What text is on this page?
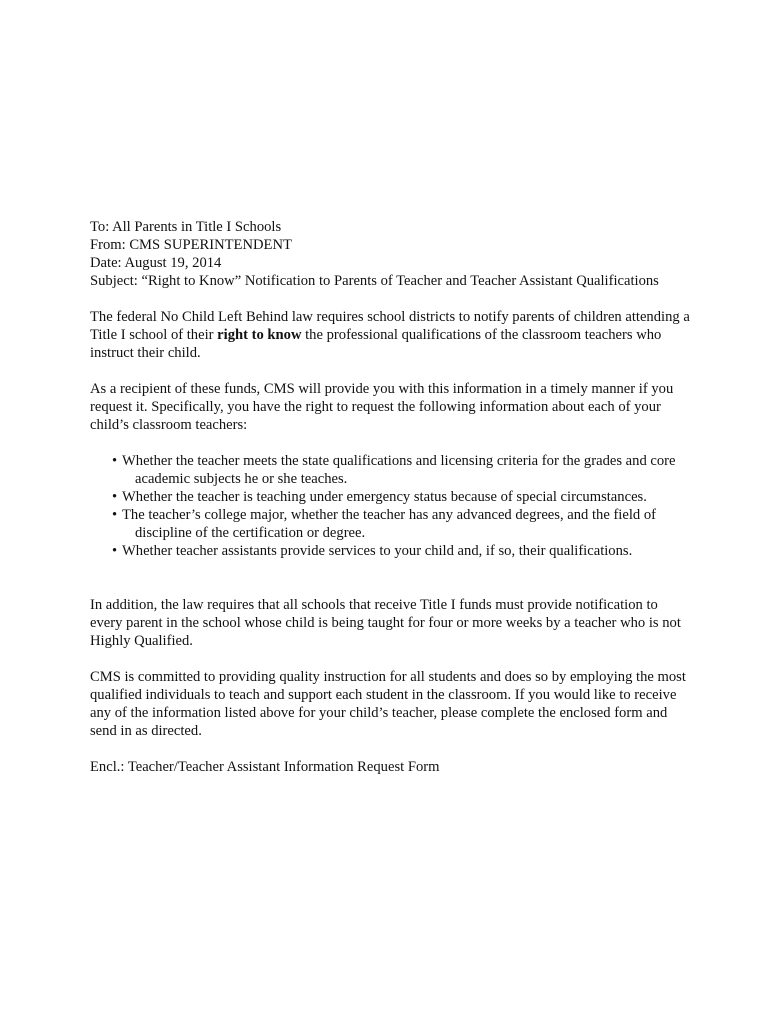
To: All Parents in Title I Schools
From: CMS SUPERINTENDENT
Date: August 19, 2014
Subject: “Right to Know” Notification to Parents of Teacher and Teacher Assistant Qualifications

The federal No Child Left Behind law requires school districts to notify parents of children attending a Title I school of their right to know the professional qualifications of the classroom teachers who instruct their child.

As a recipient of these funds, CMS will provide you with this information in a timely manner if you request it. Specifically, you have the right to request the following information about each of your child’s classroom teachers:

• Whether the teacher meets the state qualifications and licensing criteria for the grades and core academic subjects he or she teaches.
• Whether the teacher is teaching under emergency status because of special circumstances.
• The teacher’s college major, whether the teacher has any advanced degrees, and the field of discipline of the certification or degree.
• Whether teacher assistants provide services to your child and, if so, their qualifications.

In addition, the law requires that all schools that receive Title I funds must provide notification to every parent in the school whose child is being taught for four or more weeks by a teacher who is not Highly Qualified.

CMS is committed to providing quality instruction for all students and does so by employing the most qualified individuals to teach and support each student in the classroom. If you would like to receive any of the information listed above for your child’s teacher, please complete the enclosed form and send in as directed.

Encl.: Teacher/Teacher Assistant Information Request Form
